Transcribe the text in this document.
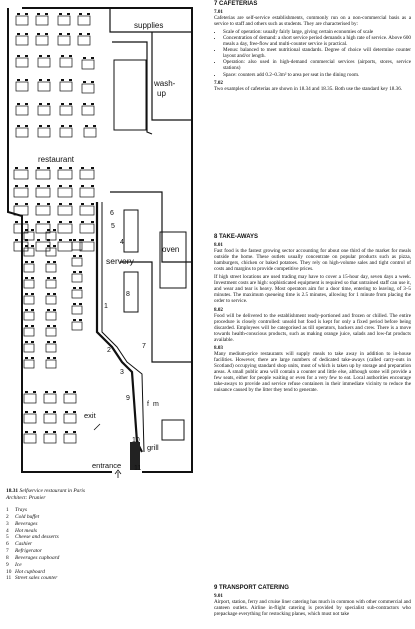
supplies
wash-
up
restaurant
servery
oven
exit
entrance
grill
f m
1
2
3
4
5
6
7
8
9
10
11
18.31 Selfservice restaurant in Paris
Architect: Prunier
1 Trays
2 Cold buffet
3 Beverages
4 Hot meals
5 Cheese and desserts
6 Cashier
7 Refrigerator
8 Beverages cupboard
9 Ice
10 Hot cupboard
11 Street sales counter
7 CAFETERIAS
7.01
Cafeterias are self-service establishments, commonly run on a non-commercial basis as a service to staff and others such as students. They are characterised by:
• Scale of operation: usually fairly large, giving certain economies of scale
• Concentration of demand: a short service period demands a high rate of service. Above 600 meals a day, free-flow and multi-counter service is practical.
• Menus: balanced to meet nutritional standards. Degree of choice will determine counter layout and/or length.
• Operation: also used in high-demand commercial services (airports, stores, service stations)
• Space: counters add 0.2–0.3m² to area per seat in the dining room.
7.02
Two examples of cafeterias are shown in 18.34 and 18.35. Both use the standard key 18.36.
8 TAKE-AWAYS
8.01
Fast food is the fastest growing sector accounting for about one third of the market for meals outside the home. These outlets usually concentrate on popular products such as pizza, hamburgers, chicken or baked potatoes. They rely on high-volume sales and tight control of costs and margins to provide competitive prices.
If high street locations are used trading may have to cover a 15-hour day, seven days a week. Investment costs are high: sophisticated equipment is required so that untrained staff can use it, and wear and tear is heavy. Most operators aim for a door time, entering to leaving, of 3–5 minutes. The maximum queueing time is 2.5 minutes, allowing for 1 minute from placing the order to service.
8.02
Food will be delivered to the establishment ready-portioned and frozen or chilled. The entire procedure is closely controlled: unsold hot food is kept for only a fixed period before being discarded. Employees will be categorised as till operators, backers and crew. There is a move towards health-conscious products, such as making orange juice, salads and low-fat products available.
8.03
Many medium-price restaurants will supply meals to take away in addition to in-house facilities. However, there are large numbers of dedicated take-aways (called carry-outs in Scotland) occupying standard shop units, most of which is taken up by storage and preparation areas. A small public area will contain a counter and little else, although some will provide a few seats, either for people waiting or even for a very few to eat. Local authorities encourage take-aways to provide and service refuse containers in their immediate vicinity to reduce the nuisance caused by the litter they tend to generate.
9 TRANSPORT CATERING
9.01
Airport, station, ferry and cruise liner catering has much in common with other commercial and canteen outlets. Airline in-flight catering is provided by specialist sub-contractors who prepackage everything for restocking planes, which must not take
